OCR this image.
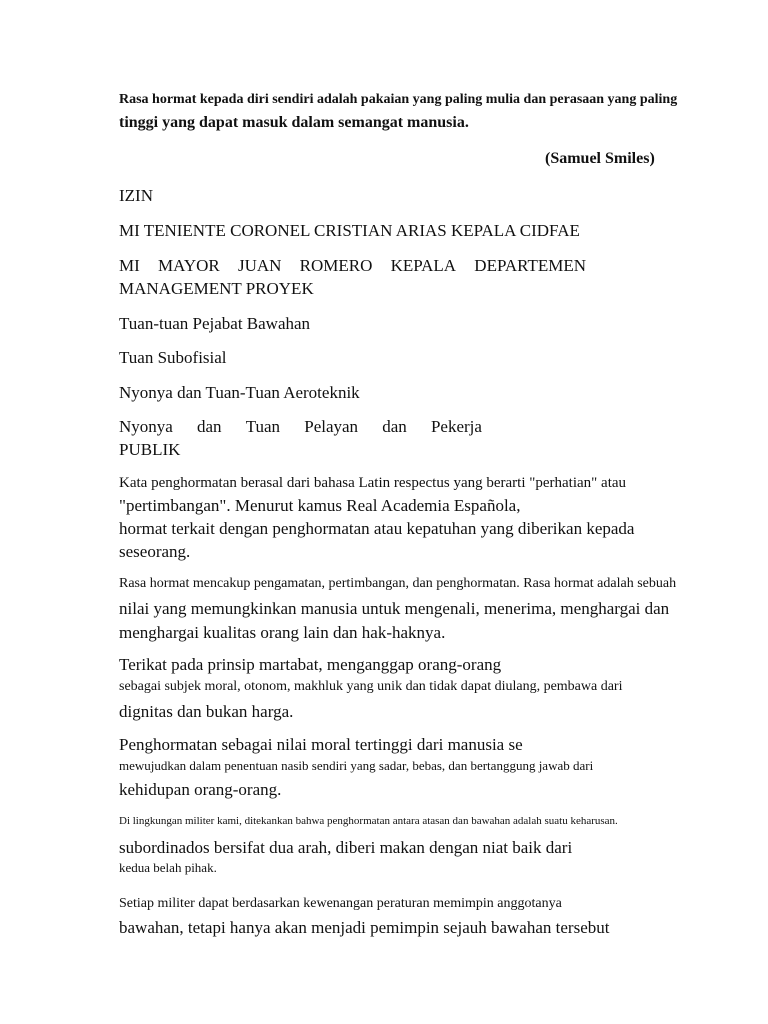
Rasa hormat kepada diri sendiri adalah pakaian yang paling mulia dan perasaan yang paling
tinggi yang dapat masuk dalam semangat manusia.
(Samuel Smiles)
IZIN
MI TENIENTE CORONEL CRISTIAN ARIAS KEPALA CIDFAE
MI MAYOR JUAN ROMERO KEPALA DEPARTEMEN
MANAGEMENT PROYEK
Tuan-tuan Pejabat Bawahan
Tuan Subofisial
Nyonya dan Tuan-Tuan Aeroteknik
Nyonya dan Tuan Pelayan dan Pekerja
PUBLIK
Kata penghormatan berasal dari bahasa Latin respectus yang berarti "perhatian" atau
"pertimbangan". Menurut kamus Real Academia Española,
hormat terkait dengan penghormatan atau kepatuhan yang diberikan kepada
seseorang.
Rasa hormat mencakup pengamatan, pertimbangan, dan penghormatan. Rasa hormat adalah sebuah
nilai yang memungkinkan manusia untuk mengenali, menerima, menghargai dan
menghargai kualitas orang lain dan hak-haknya.
Terikat pada prinsip martabat, menganggap orang-orang
sebagai subjek moral, otonom, makhluk yang unik dan tidak dapat diulang, pembawa dari
dignitas dan bukan harga.
Penghormatan sebagai nilai moral tertinggi dari manusia se
mewujudkan dalam penentuan nasib sendiri yang sadar, bebas, dan bertanggung jawab dari
kehidupan orang-orang.
Di lingkungan militer kami, ditekankan bahwa penghormatan antara atasan dan bawahan adalah suatu keharusan.
subordinados bersifat dua arah, diberi makan dengan niat baik dari
kedua belah pihak.
Setiap militer dapat berdasarkan kewenangan peraturan memimpin anggotanya
bawahan, tetapi hanya akan menjadi pemimpin sejauh bawahan tersebut
